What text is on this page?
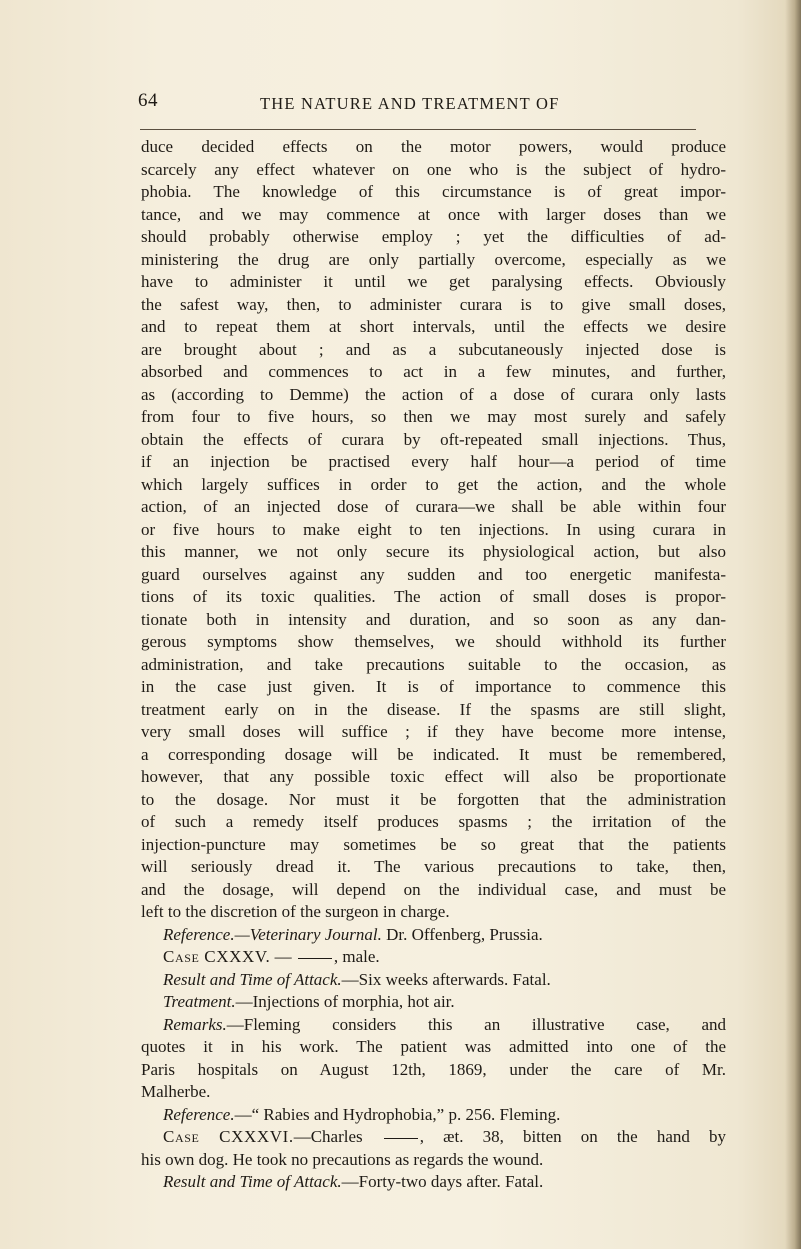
64	THE NATURE AND TREATMENT OF
duce decided effects on the motor powers, would produce
scarcely any effect whatever on one who is the subject of hydro-
phobia. The knowledge of this circumstance is of great impor-
tance, and we may commence at once with larger doses than we
should probably otherwise employ ; yet the difficulties of ad-
ministering the drug are only partially overcome, especially as we
have to administer it until we get paralysing effects. Obviously
the safest way, then, to administer curara is to give small doses,
and to repeat them at short intervals, until the effects we desire
are brought about ; and as a subcutaneously injected dose is
absorbed and commences to act in a few minutes, and further,
as (according to Demme) the action of a dose of curara only lasts
from four to five hours, so then we may most surely and safely
obtain the effects of curara by oft-repeated small injections. Thus,
if an injection be practised every half hour—a period of time
which largely suffices in order to get the action, and the whole
action, of an injected dose of curara—we shall be able within four
or five hours to make eight to ten injections. In using curara in
this manner, we not only secure its physiological action, but also
guard ourselves against any sudden and too energetic manifesta-
tions of its toxic qualities. The action of small doses is propor-
tionate both in intensity and duration, and so soon as any dan-
gerous symptoms show themselves, we should withhold its further
administration, and take precautions suitable to the occasion, as
in the case just given. It is of importance to commence this
treatment early on in the disease. If the spasms are still slight,
very small doses will suffice ; if they have become more intense,
a corresponding dosage will be indicated. It must be remembered,
however, that any possible toxic effect will also be proportionate
to the dosage. Nor must it be forgotten that the administration
of such a remedy itself produces spasms ; the irritation of the
injection-puncture may sometimes be so great that the patients
will seriously dread it. The various precautions to take, then,
and the dosage, will depend on the individual case, and must be
left to the discretion of the surgeon in charge.
Reference.—Veterinary Journal. Dr. Offenberg, Prussia.
Case CXXXV. — , male.
Result and Time of Attack.—Six weeks afterwards. Fatal.
Treatment.—Injections of morphia, hot air.
Remarks.—Fleming considers this an illustrative case, and
quotes it in his work. The patient was admitted into one of the
Paris hospitals on August 12th, 1869, under the care of Mr.
Malherbe.
Reference.—“ Rabies and Hydrophobia,” p. 256. Fleming.
Case CXXXVI.—Charles , æt. 38, bitten on the hand by
his own dog. He took no precautions as regards the wound.
Result and Time of Attack.—Forty-two days after. Fatal.
